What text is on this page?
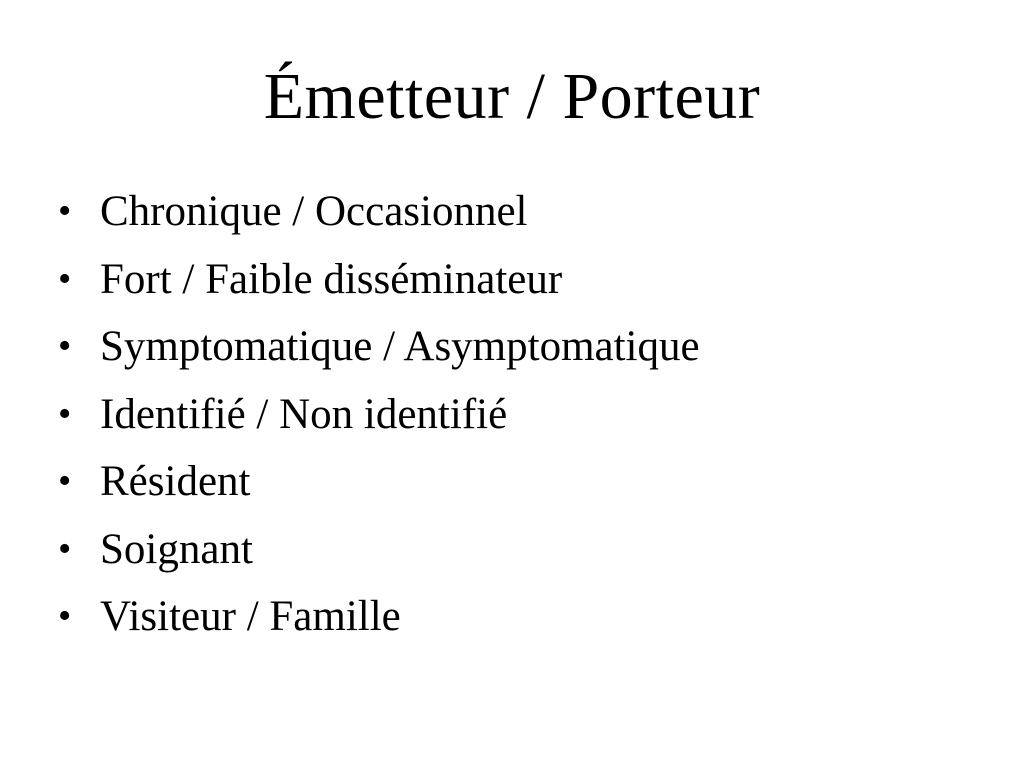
Émetteur / Porteur
• Chronique / Occasionnel
• Fort / Faible disséminateur
• Symptomatique / Asymptomatique
• Identifié / Non identifié
• Résident
• Soignant
• Visiteur / Famille
